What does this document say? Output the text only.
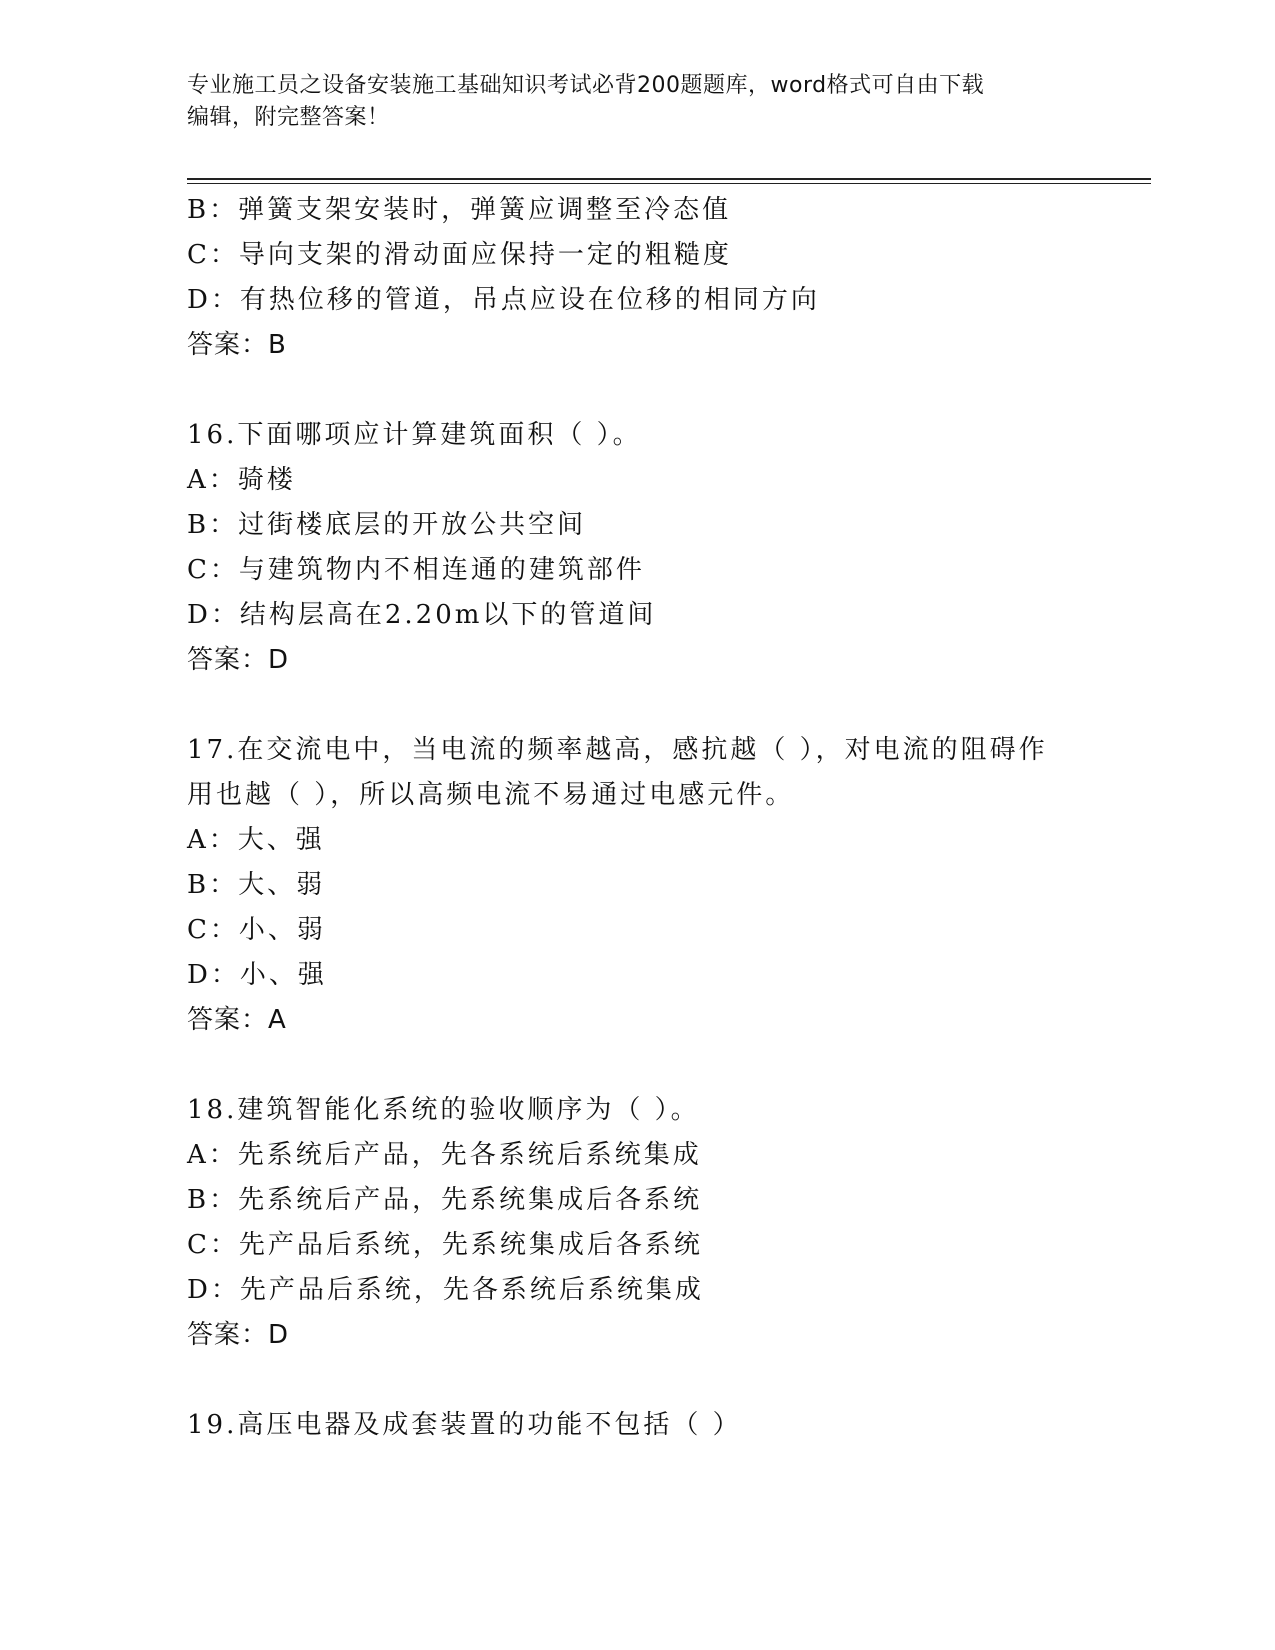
专业施工员之设备安装施工基础知识考试必背200题题库，word格式可自由下载
编辑，附完整答案！
B：弹簧支架安装时，弹簧应调整至冷态值
C：导向支架的滑动面应保持一定的粗糙度
D：有热位移的管道，吊点应设在位移的相同方向
答案：B
16.下面哪项应计算建筑面积（ ）。
A：骑楼
B：过街楼底层的开放公共空间
C：与建筑物内不相连通的建筑部件
D：结构层高在2.20m以下的管道间
答案：D
17.在交流电中，当电流的频率越高，感抗越（ ），对电流的阻碍作
用也越（ ），所以高频电流不易通过电感元件。
A：大、强
B：大、弱
C：小、弱
D：小、强
答案：A
18.建筑智能化系统的验收顺序为（ ）。
A：先系统后产品，先各系统后系统集成
B：先系统后产品，先系统集成后各系统
C：先产品后系统，先系统集成后各系统
D：先产品后系统，先各系统后系统集成
答案：D
19.高压电器及成套装置的功能不包括（ ）
